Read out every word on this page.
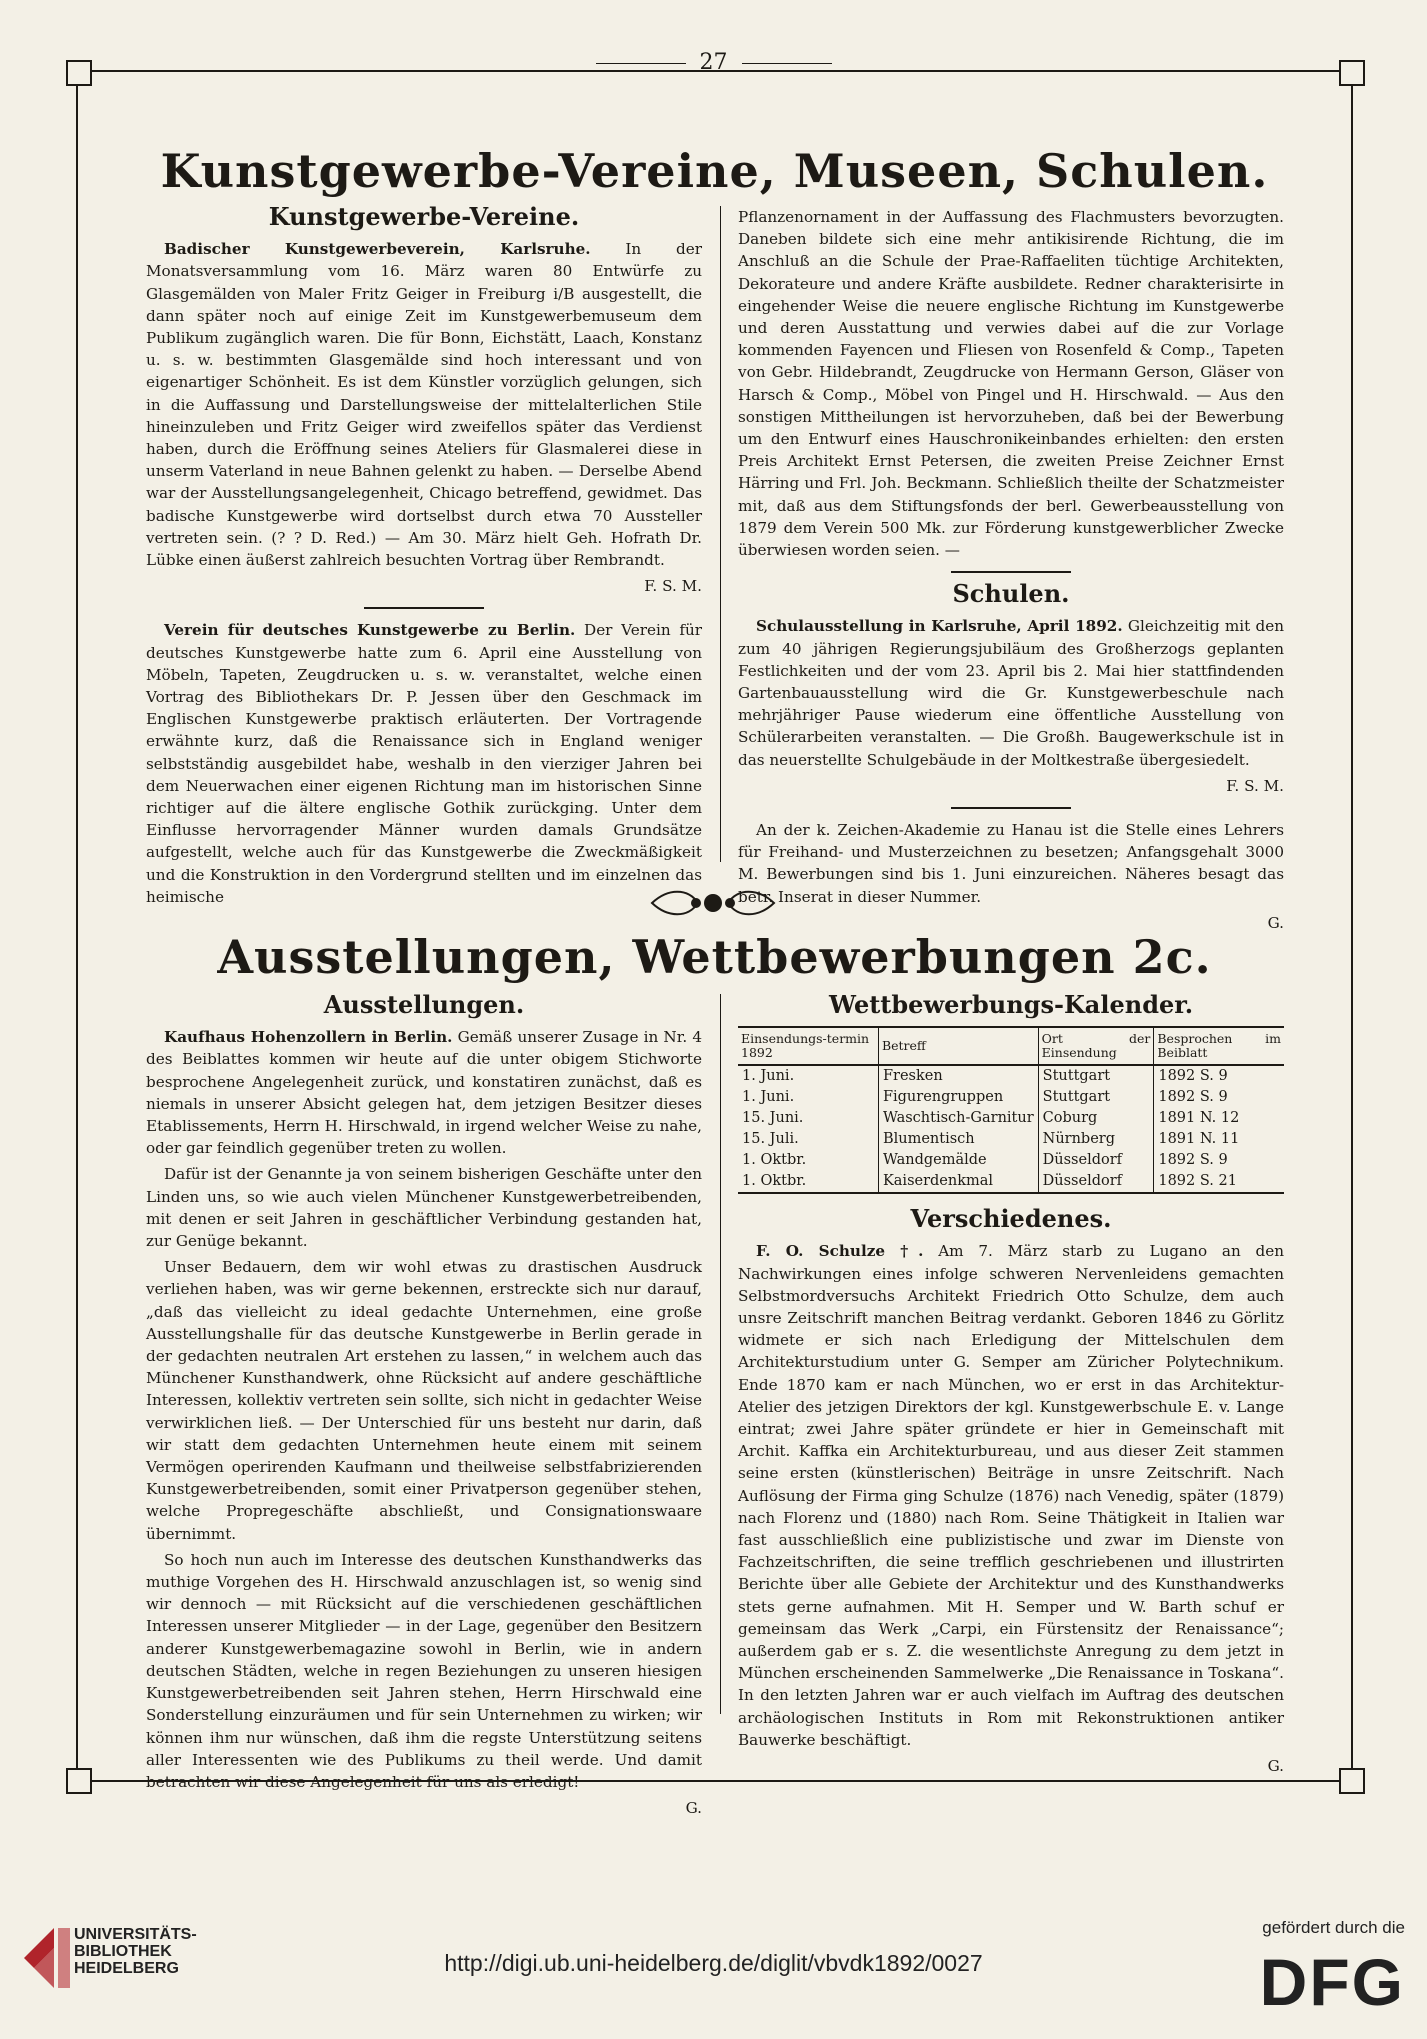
27
Kunstgewerbe-Vereine, Museen, Schulen.
Kunstgewerbe-Vereine.

Badischer Kunstgewerbeverein, Karlsruhe. In der Monatsversammlung vom 16. März waren 80 Entwürfe zu Glasgemälden von Maler Fritz Geiger in Freiburg i/B ausgestellt, die dann später noch auf einige Zeit im Kunstgewerbemuseum dem Publikum zugänglich waren. Die für Bonn, Eichstätt, Laach, Konstanz u. s. w. bestimmten Glasgemälde sind hoch interessant und von eigenartiger Schönheit. Es ist dem Künstler vorzüglich gelungen, sich in die Auffassung und Darstellungsweise der mittelalterlichen Stile hineinzuleben und Fritz Geiger wird zweifellos später das Verdienst haben, durch die Eröffnung seines Ateliers für Glasmalerei diese in unserm Vaterland in neue Bahnen gelenkt zu haben. — Derselbe Abend war der Ausstellungsangelegenheit, Chicago betreffend, gewidmet. Das badische Kunstgewerbe wird dortselbst durch etwa 70 Aussteller vertreten sein. (? ? D. Red.) — Am 30. März hielt Geh. Hofrath Dr. Lübke einen äußerst zahlreich besuchten Vortrag über Rembrandt.

F. S. M.

Verein für deutsches Kunstgewerbe zu Berlin. Der Verein für deutsches Kunstgewerbe hatte zum 6. April eine Ausstellung von Möbeln, Tapeten, Zeugdrucken u. s. w. veranstaltet, welche einen Vortrag des Bibliothekars Dr. P. Jessen über den Geschmack im Englischen Kunstgewerbe praktisch erläuterten. Der Vortragende erwähnte kurz, daß die Renaissance sich in England weniger selbstständig ausgebildet habe, weshalb in den vierziger Jahren bei dem Neuerwachen einer eigenen Richtung man im historischen Sinne richtiger auf die ältere englische Gothik zurückging. Unter dem Einflusse hervorragender Männer wurden damals Grundsätze aufgestellt, welche auch für das Kunstgewerbe die Zweckmäßigkeit und die Konstruktion in den Vordergrund stellten und im einzelnen das heimische

Pflanzenornament in der Auffassung des Flachmusters bevorzugten. Daneben bildete sich eine mehr antikisirende Richtung, die im Anschluß an die Schule der Prae-Raffaeliten tüchtige Architekten, Dekorateure und andere Kräfte ausbildete. Redner charakterisirte in eingehender Weise die neuere englische Richtung im Kunstgewerbe und deren Ausstattung und verwies dabei auf die zur Vorlage kommenden Fayencen und Fliesen von Rosenfeld & Comp., Tapeten von Gebr. Hildebrandt, Zeugdrucke von Hermann Gerson, Gläser von Harsch & Comp., Möbel von Pingel und H. Hirschwald. — Aus den sonstigen Mittheilungen ist hervorzuheben, daß bei der Bewerbung um den Entwurf eines Hauschronikeinbandes erhielten: den ersten Preis Architekt Ernst Petersen, die zweiten Preise Zeichner Ernst Härring und Frl. Joh. Beckmann. Schließlich theilte der Schatzmeister mit, daß aus dem Stiftungsfonds der berl. Gewerbeausstellung von 1879 dem Verein 500 Mk. zur Förderung kunstgewerblicher Zwecke überwiesen worden seien. —

Schulen.

Schulausstellung in Karlsruhe, April 1892. Gleichzeitig mit den zum 40 jährigen Regierungsjubiläum des Großherzogs geplanten Festlichkeiten und der vom 23. April bis 2. Mai hier stattfindenden Gartenbauausstellung wird die Gr. Kunstgewerbeschule nach mehrjähriger Pause wiederum eine öffentliche Ausstellung von Schülerarbeiten veranstalten. — Die Großh. Baugewerkschule ist in das neuerstellte Schulgebäude in der Moltkestraße übergesiedelt.

F. S. M.

An der k. Zeichen-Akademie zu Hanau ist die Stelle eines Lehrers für Freihand- und Musterzeichnen zu besetzen; Anfangsgehalt 3000 M. Bewerbungen sind bis 1. Juni einzureichen. Näheres besagt das betr. Inserat in dieser Nummer.

G.

Ausstellungen, Wettbewerbungen 2c.
Ausstellungen.

Kaufhaus Hohenzollern in Berlin. Gemäß unserer Zusage in Nr. 4 des Beiblattes kommen wir heute auf die unter obigem Stichworte besprochene Angelegenheit zurück, und konstatiren zunächst, daß es niemals in unserer Absicht gelegen hat, dem jetzigen Besitzer dieses Etablissements, Herrn H. Hirschwald, in irgend welcher Weise zu nahe, oder gar feindlich gegenüber treten zu wollen.

Dafür ist der Genannte ja von seinem bisherigen Geschäfte unter den Linden uns, so wie auch vielen Münchener Kunstgewerbetreibenden, mit denen er seit Jahren in geschäftlicher Verbindung gestanden hat, zur Genüge bekannt.

Unser Bedauern, dem wir wohl etwas zu drastischen Ausdruck verliehen haben, was wir gerne bekennen, erstreckte sich nur darauf, „daß das vielleicht zu ideal gedachte Unternehmen, eine große Ausstellungshalle für das deutsche Kunstgewerbe in Berlin gerade in der gedachten neutralen Art erstehen zu lassen,“ in welchem auch das Münchener Kunsthandwerk, ohne Rücksicht auf andere geschäftliche Interessen, kollektiv vertreten sein sollte, sich nicht in gedachter Weise verwirklichen ließ. — Der Unterschied für uns besteht nur darin, daß wir statt dem gedachten Unternehmen heute einem mit seinem Vermögen operirenden Kaufmann und theilweise selbstfabrizierenden Kunstgewerbetreibenden, somit einer Privatperson gegenüber stehen, welche Propregeschäfte abschließt, und Consignationswaare übernimmt.

So hoch nun auch im Interesse des deutschen Kunsthandwerks das muthige Vorgehen des H. Hirschwald anzuschlagen ist, so wenig sind wir dennoch — mit Rücksicht auf die verschiedenen geschäftlichen Interessen unserer Mitglieder — in der Lage, gegenüber den Besitzern anderer Kunstgewerbemagazine sowohl in Berlin, wie in andern deutschen Städten, welche in regen Beziehungen zu unseren hiesigen Kunstgewerbetreibenden seit Jahren stehen, Herrn Hirschwald eine Sonderstellung einzuräumen und für sein Unternehmen zu wirken; wir können ihm nur wünschen, daß ihm die regste Unterstützung seitens aller Interessenten wie des Publikums zu theil werde. Und damit betrachten wir diese Angelegenheit für uns als erledigt!

G.

Wettbewerbungs-Kalender.
Einsendungs-termin 1892	Betreff	Ort der Einsendung	Besprochen im Beiblatt
1. Juni.	Fresken	Stuttgart	1892 S. 9
1. Juni.	Figurengruppen	Stuttgart	1892 S. 9
15. Juni.	Waschtisch-Garnitur	Coburg	1891 N. 12
15. Juli.	Blumentisch	Nürnberg	1891 N. 11
1. Oktbr.	Wandgemälde	Düsseldorf	1892 S. 9
1. Oktbr.	Kaiserdenkmal	Düsseldorf	1892 S. 21
Verschiedenes.

F. O. Schulze †. Am 7. März starb zu Lugano an den Nachwirkungen eines infolge schweren Nervenleidens gemachten Selbstmordversuchs Architekt Friedrich Otto Schulze, dem auch unsre Zeitschrift manchen Beitrag verdankt. Geboren 1846 zu Görlitz widmete er sich nach Erledigung der Mittelschulen dem Architekturstudium unter G. Semper am Züricher Polytechnikum. Ende 1870 kam er nach München, wo er erst in das Architektur-Atelier des jetzigen Direktors der kgl. Kunstgewerbschule E. v. Lange eintrat; zwei Jahre später gründete er hier in Gemeinschaft mit Archit. Kaffka ein Architekturbureau, und aus dieser Zeit stammen seine ersten (künstlerischen) Beiträge in unsre Zeitschrift. Nach Auflösung der Firma ging Schulze (1876) nach Venedig, später (1879) nach Florenz und (1880) nach Rom. Seine Thätigkeit in Italien war fast ausschließlich eine publizistische und zwar im Dienste von Fachzeitschriften, die seine trefflich geschriebenen und illustrirten Berichte über alle Gebiete der Architektur und des Kunsthandwerks stets gerne aufnahmen. Mit H. Semper und W. Barth schuf er gemeinsam das Werk „Carpi, ein Fürstensitz der Renaissance“; außerdem gab er s. Z. die wesentlichste Anregung zu dem jetzt in München erscheinenden Sammelwerke „Die Renaissance in Toskana“. In den letzten Jahren war er auch vielfach im Auftrag des deutschen archäologischen Instituts in Rom mit Rekonstruktionen antiker Bauwerke beschäftigt.

G.

UNIVERSITÄTS-
BIBLIOTHEK
HEIDELBERG	http://digi.ub.uni-heidelberg.de/diglit/vbvdk1892/0027
gefördert durch die
DFG
